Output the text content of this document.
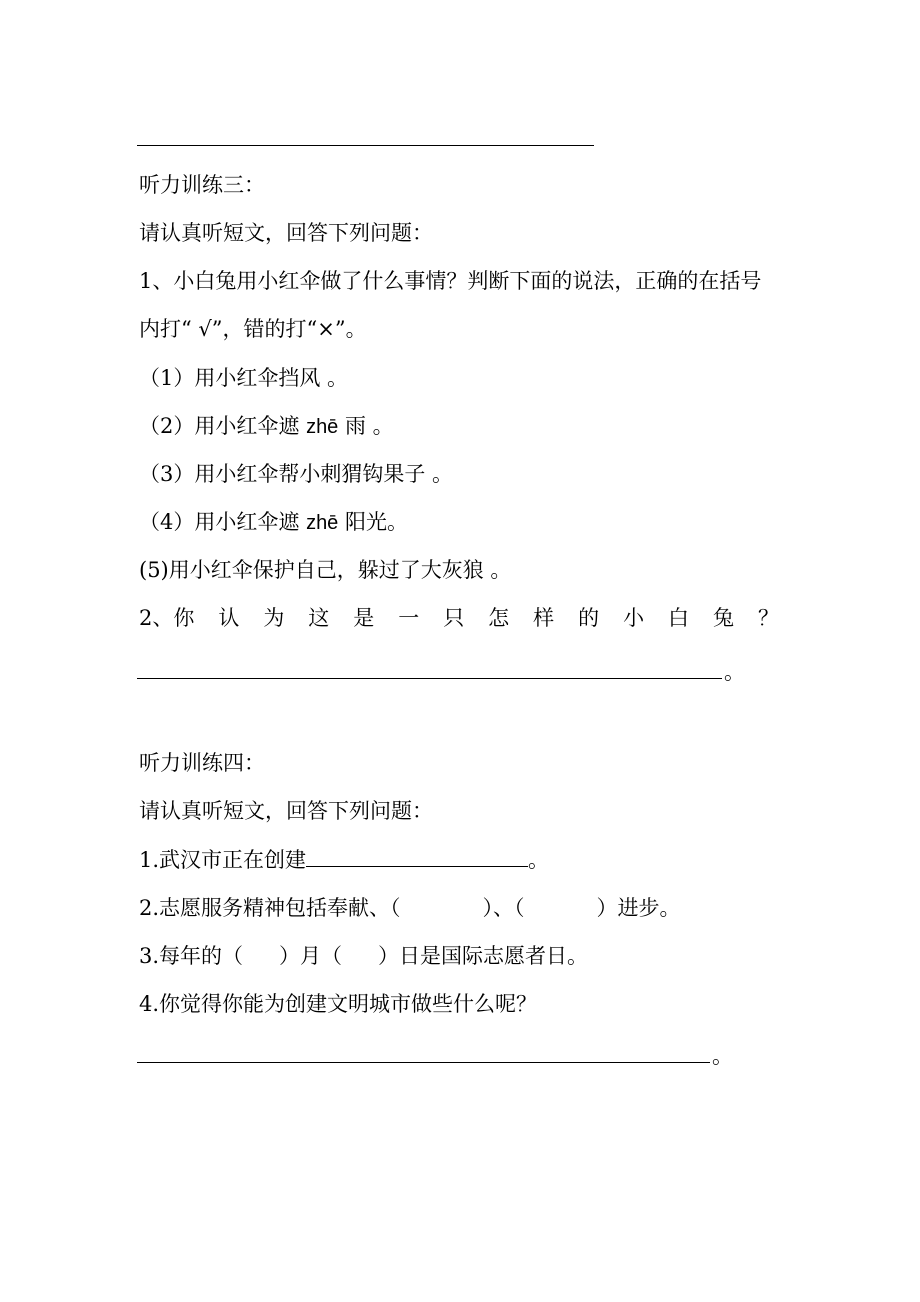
听力训练三：
请认真听短文，回答下列问题：
1、小白兔用小红伞做了什么事情？判断下面的说法，正确的在括号
内打“ √”，错的打“×”。
（1）用小红伞挡风 。
（2）用小红伞遮 zhē 雨 。
（3）用小红伞帮小刺猬钩果子 。
（4）用小红伞遮 zhē 阳光。
(5)用小红伞保护自己，躲过了大灰狼 。
2、你 认 为 这 是 一 只 怎 样 的 小 白 兔 ？
。
听力训练四：
请认真听短文，回答下列问题：
1.武汉市正在创建	。
2.志愿服务精神包括奉献、（	）、（	）进步。
3.每年的（ ）月（ ）日是国际志愿者日。
4.你觉得你能为创建文明城市做些什么呢？
。
